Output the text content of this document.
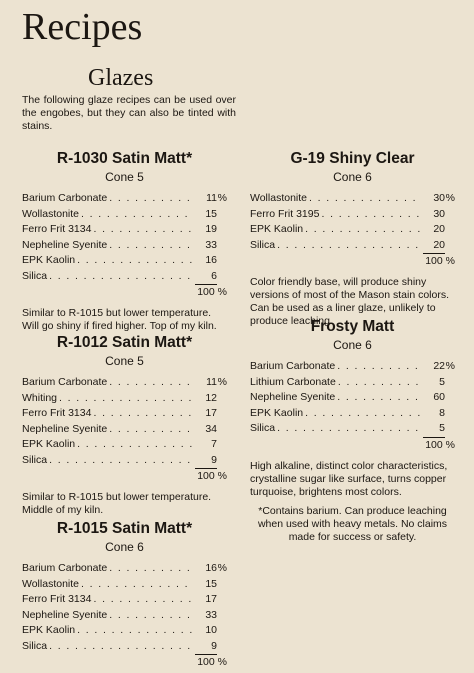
Recipes
Glazes
The following glaze recipes can be used over the engobes, but they can also be tinted with stains.
R-1030 Satin Matt*
Cone 5
Barium Carbonate . . .	11 %
Wollastonite . . .	15
Ferro Frit 3134 . . .	19
Nepheline Syenite . . .	33
EPK Kaolin . . .	16
Silica . . .	6
100 %
Similar to R-1015 but lower temperature. Will go shiny if fired higher. Top of my kiln.
R-1012 Satin Matt*
Cone 5
Barium Carbonate . . .	11 %
Whiting . . .	12
Ferro Frit 3134 . . .	17
Nepheline Syenite . . .	34
EPK Kaolin . . .	7
Silica . . .	9
100 %
Similar to R-1015 but lower temperature. Middle of my kiln.
R-1015 Satin Matt*
Cone 6
Barium Carbonate . . .	16 %
Wollastonite . . .	15
Ferro Frit 3134 . . .	17
Nepheline Syenite . . .	33
EPK Kaolin . . .	10
Silica . . .	9
100 %
G-19 Shiny Clear
Cone 6
Wollastonite . . .	30 %
Ferro Frit 3195 . . .	30
EPK Kaolin . . .	20
Silica . . .	20
100 %
Color friendly base, will produce shiny versions of most of the Mason stain colors. Can be used as a liner glaze, unlikely to produce leaching.
Frosty Matt
Cone 6
Barium Carbonate . . .	22 %
Lithium Carbonate . . .	5
Nepheline Syenite . . .	60
EPK Kaolin . . .	8
Silica . . .	5
100 %
High alkaline, distinct color characteristics, crystalline sugar like surface, turns copper turquoise, brightens most colors.
*Contains barium. Can produce leaching when used with heavy metals. No claims made for success or safety.
